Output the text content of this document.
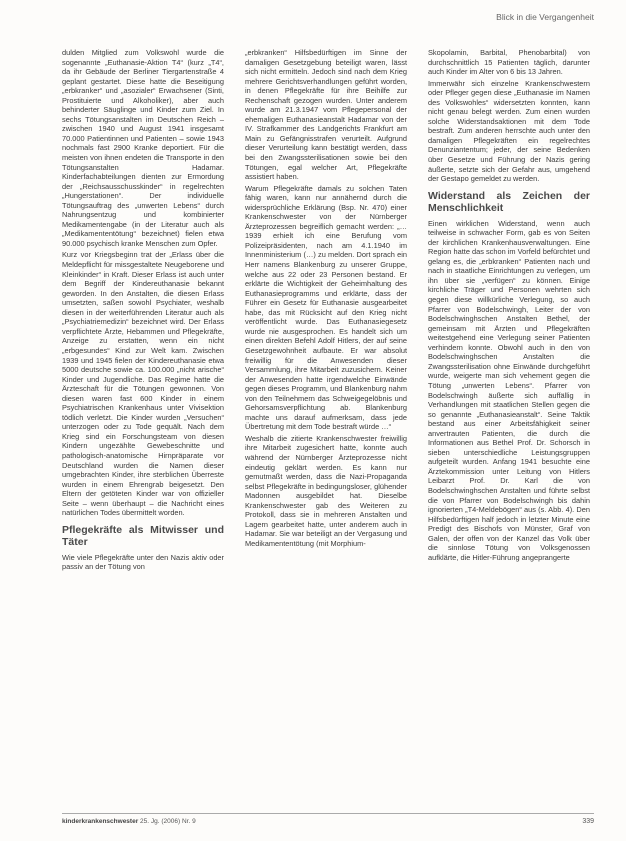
Blick in die Vergangenheit

dulden Mitglied zum Volkswohl wurde die sogenannte „Euthanasie-Aktion T4“ (kurz „T4“, da ihr Gebäude der Berliner Tiergartenstraße 4 geplant gestartet. Diese hatte die Beseitigung „erbkranker“ und „asozialer“ Erwachsener (Sinti, Prostituierte und Alkoholiker), aber auch behinderter Säuglinge und Kinder zum Ziel. In sechs Tötungsanstalten im Deutschen Reich – zwischen 1940 und August 1941 insgesamt 70.000 Patientinnen und Patienten – sowie 1943 nochmals fast 2900 Kranke deportiert. Für die meisten von ihnen endeten die Transporte in den Tötungsanstalten Hadamar. Kinderfachabteilungen dienten zur Ermordung der „Reichsausschusskinder“ in regelrechten „Hungerstationen“. Der individuelle Tötungsauftrag des „unwerten Lebens“ durch Nahrungsentzug und kombinierter Medikamentengabe (in der Literatur auch als „Medikamententötung“ bezeichnet) fielen etwa 90.000 psychisch kranke Menschen zum Opfer.

Kurz vor Kriegsbeginn trat der „Erlass über die Meldepflicht für missgestaltete Neugeborene und Kleinkinder“ in Kraft. Dieser Erlass ist auch unter dem Begriff der Kindereuthanasie bekannt geworden. In den Anstalten, die diesen Erlass umsetzten, saßen sowohl Psychiater, weshalb diesen in der weiterführenden Literatur auch als „Psychiatriemedizin“ bezeichnet wird. Der Erlass verpflichtete Ärzte, Hebammen und Pflegekräfte, Anzeige zu erstatten, wenn ein nicht „erbgesundes“ Kind zur Welt kam. Zwischen 1939 und 1945 fielen der Kindereuthanasie etwa 5000 deutsche sowie ca. 100.000 „nicht arische“ Kinder und Jugendliche. Das Regime hatte die Ärzteschaft für die Tötungen gewonnen. Von diesen waren fast 600 Kinder in einem Psychiatrischen Krankenhaus unter Vivisektion tödlich verletzt. Die Kinder wurden „Versuchen“ unterzogen oder zu Tode gequält. Nach dem Krieg sind ein Forschungsteam von diesen Kindern ungezählte Gewebeschnitte und pathologisch-anatomische Hirnpräparate vor Deutschland wurden die Namen dieser umgebrachten Kinder, ihre sterblichen Überreste wurden in einem Ehrengrab beigesetzt. Den Eltern der getöteten Kinder war von offizieller Seite – wenn überhaupt – die Nachricht eines natürlichen Todes übermittelt worden.

Pflegekräfte als Mitwisser und Täter

Wie viele Pflegekräfte unter den Nazis aktiv oder passiv an der Tötung von

„erbkranken“ Hilfsbedürftigen im Sinne der damaligen Gesetzgebung beteiligt waren, lässt sich nicht ermitteln. Jedoch sind nach dem Krieg mehrere Gerichtsverhandlungen geführt worden, in denen Pflegekräfte für ihre Beihilfe zur Rechenschaft gezogen wurden. Unter anderem wurde am 21.3.1947 vom Pflegepersonal der ehemaligen Euthanasieanstalt Hadamar von der IV. Strafkammer des Landgerichts Frankfurt am Main zu Gefängnisstrafen verurteilt. Aufgrund dieser Verurteilung kann bestätigt werden, dass bei den Zwangssterilisationen sowie bei den Tötungen, egal welcher Art, Pflegekräfte assistiert haben.

Warum Pflegekräfte damals zu solchen Taten fähig waren, kann nur annähernd durch die widersprüchliche Erklärung (Bsp. Nr. 470) einer Krankenschwester von der Nürnberger Ärzteprozessen begreiflich gemacht werden: „… 1939 erhielt ich eine Berufung vom Polizeipräsidenten, nach am 4.1.1940 im Innenministerium (…) zu melden. Dort sprach ein Herr namens Blankenburg zu unserer Gruppe, welche aus 22 oder 23 Personen bestand. Er erklärte die Wichtigkeit der Geheimhaltung des Euthanasieprogramms und erklärte, dass der Führer ein Gesetz für Euthanasie ausgearbeitet habe, das mit Rücksicht auf den Krieg nicht veröffentlicht wurde. Das Euthanasiegesetz wurde nie ausgesprochen. Es handelt sich um einen direkten Befehl Adolf Hitlers, der auf seine Gesetzgewohnheit aufbaute. Er war absolut freiwillig für die Anwesenden dieser Versammlung, ihre Mitarbeit zuzusichern. Keiner der Anwesenden hatte irgendwelche Einwände gegen dieses Programm, und Blankenburg nahm von den Teilnehmern das Schweigegelöbnis und Gehorsamsverpflichtung ab. Blankenburg machte uns darauf aufmerksam, dass jede Übertretung mit dem Tode bestraft würde …“

Weshalb die zitierte Krankenschwester freiwillig ihre Mitarbeit zugesichert hatte, konnte auch während der Nürnberger Ärzteprozesse nicht eindeutig geklärt werden. Es kann nur gemutmaßt werden, dass die Nazi-Propaganda selbst Pflegekräfte in bedingungsloser, glühender Madonnen ausgebildet hat. Dieselbe Krankenschwester gab des Weiteren zu Protokoll, dass sie in mehreren Anstalten und Lagern gearbeitet hatte, unter anderem auch in Hadamar. Sie war beteiligt an der Vergasung und Medikamententötung (mit Morphium-

Skopolamin, Barbital, Phenobarbital) von durchschnittlich 15 Patienten täglich, darunter auch Kinder im Alter von 6 bis 13 Jahren.

Immerwähr sich einzelne Krankenschwestern oder Pfleger gegen diese „Euthanasie im Namen des Volkswohles“ widersetzten konnten, kann nicht genau belegt werden. Zum einen wurden solche Widerstandsaktionen mit dem Tode bestraft. Zum anderen herrschte auch unter den damaligen Pflegekräften ein regelrechtes Denunziantentum; jeder, der seine Bedenken über Gesetze und Führung der Nazis gering äußerte, setzte sich der Gefahr aus, umgehend der Gestapo gemeldet zu werden.

Widerstand als Zeichen der Menschlichkeit

Einen wirklichen Widerstand, wenn auch teilweise in schwacher Form, gab es von Seiten der kirchlichen Krankenhausverwaltungen. Eine Region hatte das schon im Vorfeld befürchtet und gelang es, die „erbkranken“ Patienten nach und nach in staatliche Einrichtungen zu verlegen, um ihn über sie „verfügen“ zu können. Einige kirchliche Träger und Personen wehrten sich gegen diese willkürliche Verlegung, so auch Pfarrer von Bodelschwingh, Leiter der von Bodelschwinghschen Anstalten Bethel, der gemeinsam mit Ärzten und Pflegekräften weitestgehend eine Verlegung seiner Patienten verhindern konnte. Obwohl auch in den von Bodelschwinghschen Anstalten die Zwangssterilisation ohne Einwände durchgeführt wurde, weigerte man sich vehement gegen die Tötung „unwerten Lebens“. Pfarrer von Bodelschwingh äußerte sich auffällig in Verhandlungen mit staatlichen Stellen gegen die so genannte „Euthanasieanstalt“. Seine Taktik bestand aus einer Arbeitsfähigkeit seiner anvertrauten Patienten, die durch die Informationen aus Bethel Prof. Dr. Schorsch in sieben unterschiedliche Leistungsgruppen aufgeteilt wurden. Anfang 1941 besuchte eine Ärztekommission unter Leitung von Hitlers Leibarzt Prof. Dr. Karl die von Bodelschwinghschen Anstalten und führte selbst die von Pfarrer von Bodelschwingh bis dahin ignorierten „T4-Meldebögen“ aus (s. Abb. 4). Den Hilfsbedürftigen half jedoch in letzter Minute eine Predigt des Bischofs von Münster, Graf von Galen, der offen von der Kanzel das Volk über die sinnlose Tötung von Volksgenossen aufklärte, die Hitler-Führung angeprangerte

kinderkrankenschwester 25. Jg. (2006) Nr. 9	339
